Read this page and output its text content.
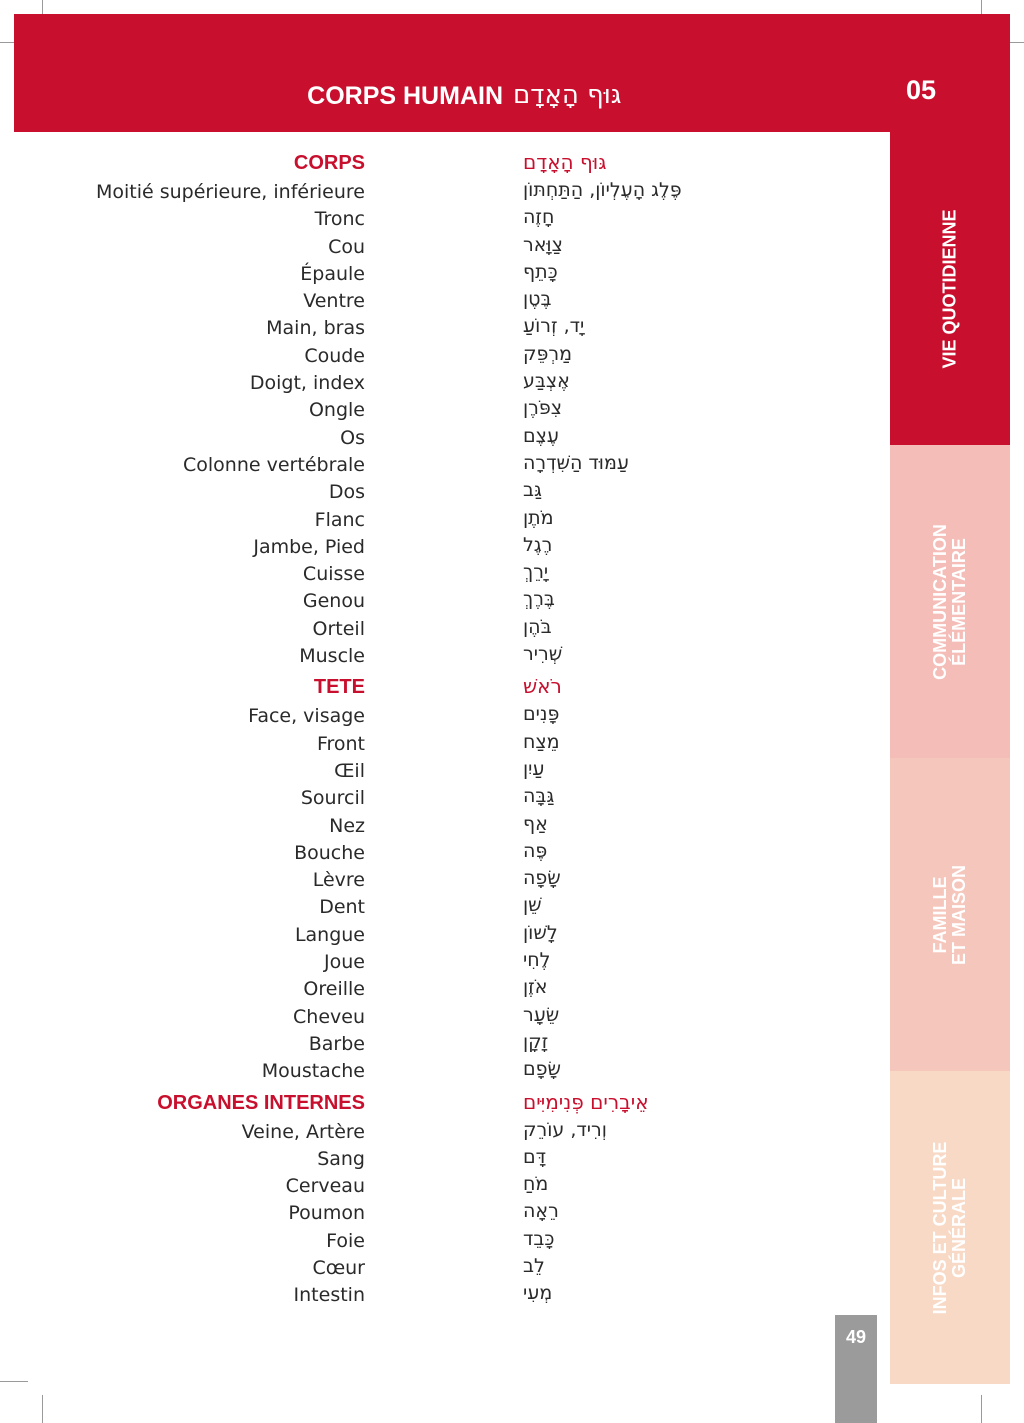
CORPS HUMAIN גּוּף הָאָדָם	05
CORPS	גּוּף הָאָדָם
Moitié supérieure, inférieure	פֶּלֶג הָעֶלְיוֹן, הַתַּחְתּוֹן
Tronc	חָזֶה
Cou	צַוָּאר
Épaule	כָּתֵף
Ventre	בֶּטֶן
Main, bras	יָד, זְרוֹעַ
Coude	מַרְפֵּק
Doigt, index	אֶצְבַּע
Ongle	צִפֹּרֶן
Os	עֶצֶם
Colonne vertébrale	עַמּוּד הַשִּׁדְרָה
Dos	גַּב
Flanc	מֹתֶן
Jambe, Pied	רֶגֶל
Cuisse	יָרֵךְ
Genou	בֶּרֶךְ
Orteil	בֹּהֶן
Muscle	שְׁרִיר
TETE	רֹאשׁ
Face, visage	פָּנִים
Front	מֵצַח
Œil	עַיִן
Sourcil	גַּבָּה
Nez	אַף
Bouche	פֶּה
Lèvre	שָׂפָה
Dent	שֵׁן
Langue	לָשׁוֹן
Joue	לֶחִי
Oreille	אֹזֶן
Cheveu	שֵׂעָר
Barbe	זָקָן
Moustache	שָׂפָם
ORGANES INTERNES	אֵיבָרִים פְּנִימִיִּים
Veine, Artère	וְרִיד, עוֹרֵק
Sang	דָּם
Cerveau	מֹחַ
Poumon	רֵאָה
Foie	כָּבֵד
Cœur	לֵב
Intestin	מְעִי
VIE QUOTIDIENNE
COMMUNICATION ÉLÉMENTAIRE
FAMILLE ET MAISON
INFOS ET CULTURE GÉNÉRALE
49
